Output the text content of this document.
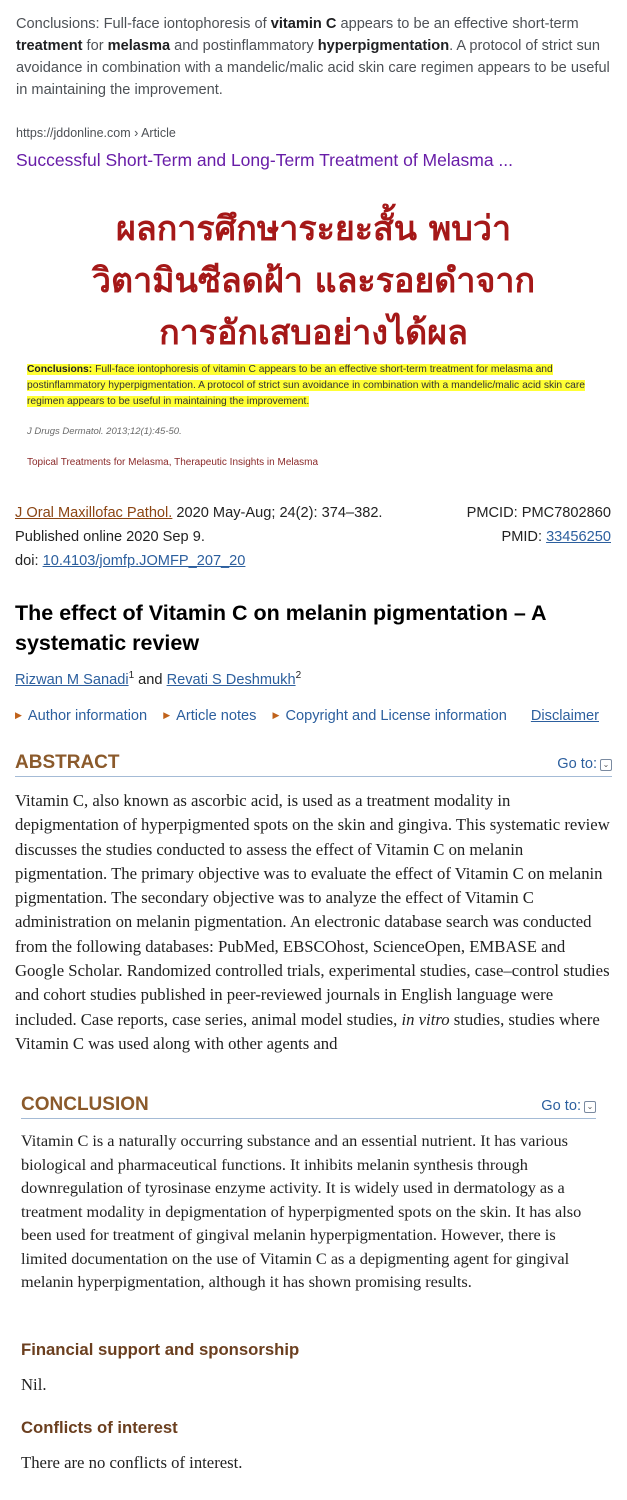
Conclusions: Full-face iontophoresis of vitamin C appears to be an effective short-term treatment for melasma and postinflammatory hyperpigmentation. A protocol of strict sun avoidance in combination with a mandelic/malic acid skin care regimen appears to be useful in maintaining the improvement.
https://jddonline.com › Article
Successful Short-Term and Long-Term Treatment of Melasma ...
ผลการศึกษาระยะสั้น พบว่า
วิตามินซีลดฝ้า และรอยดำจาก
การอักเสบอย่างได้ผล
Conclusions: Full-face iontophoresis of vitamin C appears to be an effective short-term treatment for melasma and postinflammatory hyperpigmentation. A protocol of strict sun avoidance in combination with a mandelic/malic acid skin care regimen appears to be useful in maintaining the improvement.
J Drugs Dermatol. 2013;12(1):45-50.
Topical Treatments for Melasma, Therapeutic Insights in Melasma
J Oral Maxillofac Pathol. 2020 May-Aug; 24(2): 374–382.	PMCID: PMC7802860
Published online 2020 Sep 9.	PMID: 33456250
doi: 10.4103/jomfp.JOMFP_207_20
The effect of Vitamin C on melanin pigmentation – A systematic review
Rizwan M Sanadi$^1$ and Revati S Deshmukh$^2$
▶ Author information ▶ Article notes ▶ Copyright and License information Disclaimer
ABSTRACT	Go to: ⌄
Vitamin C, also known as ascorbic acid, is used as a treatment modality in depigmentation of hyperpigmented spots on the skin and gingiva. This systematic review discusses the studies conducted to assess the effect of Vitamin C on melanin pigmentation. The primary objective was to evaluate the effect of Vitamin C on melanin pigmentation. The secondary objective was to analyze the effect of Vitamin C administration on melanin pigmentation. An electronic database search was conducted from the following databases: PubMed, EBSCOhost, ScienceOpen, EMBASE and Google Scholar. Randomized controlled trials, experimental studies, case–control studies and cohort studies published in peer-reviewed journals in English language were included. Case reports, case series, animal model studies, in vitro studies, studies where Vitamin C was used along with other agents and
CONCLUSION	Go to: ⌄
Vitamin C is a naturally occurring substance and an essential nutrient. It has various biological and pharmaceutical functions. It inhibits melanin synthesis through downregulation of tyrosinase enzyme activity. It is widely used in dermatology as a treatment modality in depigmentation of hyperpigmented spots on the skin. It has also been used for treatment of gingival melanin hyperpigmentation. However, there is limited documentation on the use of Vitamin C as a depigmenting agent for gingival melanin hyperpigmentation, although it has shown promising results.
Financial support and sponsorship
Nil.
Conflicts of interest
There are no conflicts of interest.
